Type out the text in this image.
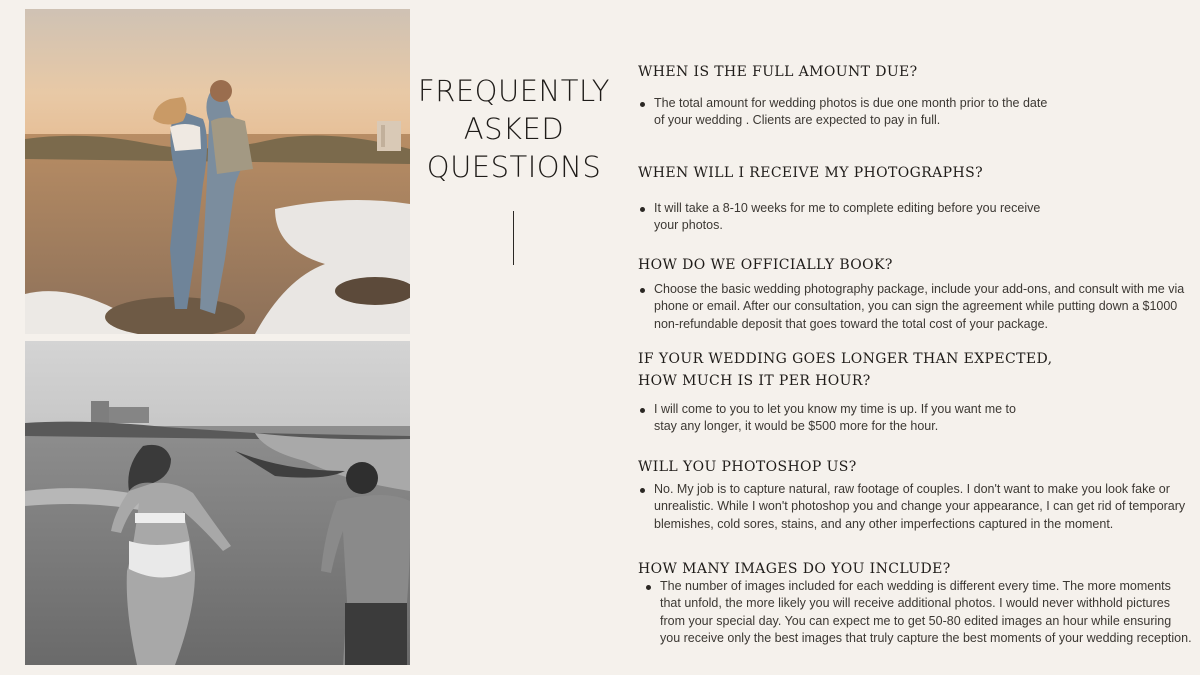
FREQUENTLY
ASKED
QUESTIONS
WHEN IS THE FULL AMOUNT DUE?
The total amount for wedding photos is due one month prior to the date of your wedding . Clients are expected to pay in full.
WHEN WILL I RECEIVE MY PHOTOGRAPHS?
It will take a 8-10 weeks for me to complete editing before you receive your photos.
HOW DO WE OFFICIALLY BOOK?
Choose the basic wedding photography package, include your add-ons, and consult with me via phone or email. After our consultation, you can sign the agreement while putting down a $1000 non-refundable deposit that goes toward the total cost of your package.
IF YOUR WEDDING GOES LONGER THAN EXPECTED, HOW MUCH IS IT PER HOUR?
I will come to you to let you know my time is up. If you want me to stay any longer, it would be $500 more for the hour.
WILL YOU PHOTOSHOP US?
No. My job is to capture natural, raw footage of couples. I don't want to make you look fake or unrealistic. While I won't photoshop you and change your appearance, I can get rid of temporary blemishes, cold sores, stains, and any other imperfections captured in the moment.
HOW MANY IMAGES DO YOU INCLUDE?
The number of images included for each wedding is different every time. The more moments that unfold, the more likely you will receive additional photos. I would never withhold pictures from your special day. You can expect me to get 50-80 edited images an hour while ensuring you receive only the best images that truly capture the best moments of your wedding reception.
